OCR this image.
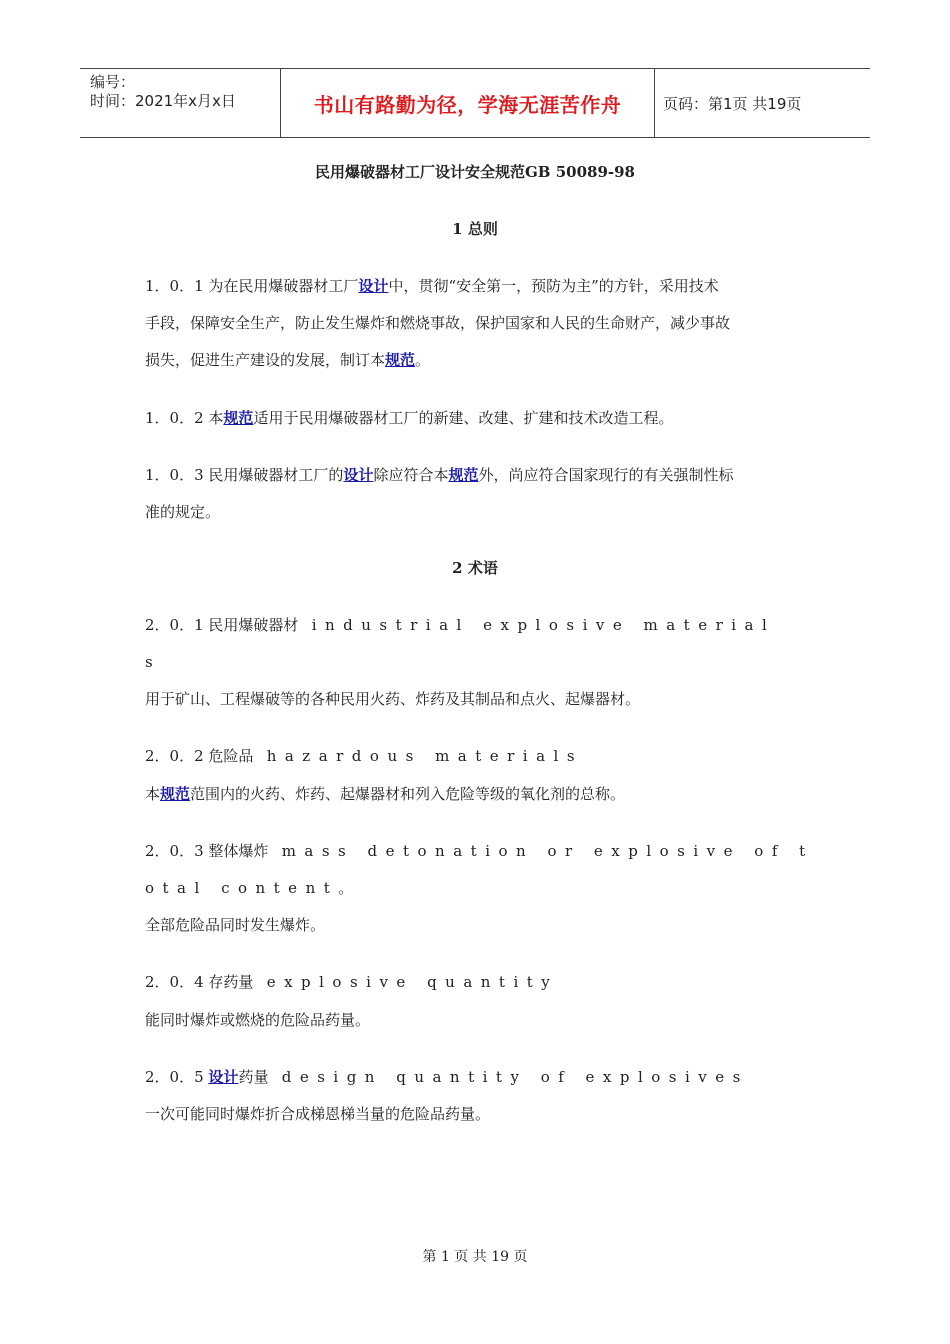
编号：
时间：2021年x月x日	书山有路勤为径，学海无涯苦作舟	页码：第1页 共19页
民用爆破器材工厂设计安全规范GB 50089-98
1 总则
1．0．1 为在民用爆破器材工厂设计中，贯彻“安全第一，预防为主”的方针，采用技术
手段，保障安全生产，防止发生爆炸和燃烧事故，保护国家和人民的生命财产，减少事故
损失，促进生产建设的发展，制订本规范。
1．0．2 本规范适用于民用爆破器材工厂的新建、改建、扩建和技术改造工程。
1．0．3 民用爆破器材工厂的设计除应符合本规范外，尚应符合国家现行的有关强制性标
准的规定。
2 术语
2．0．1 民用爆破器材 industrial explosive material
s
用于矿山、工程爆破等的各种民用火药、炸药及其制品和点火、起爆器材。
2．0．2 危险品 hazardous materials
本规范范围内的火药、炸药、起爆器材和列入危险等级的氧化剂的总称。
2．0．3 整体爆炸 mass detonation or explosive of t
otal content。
全部危险品同时发生爆炸。
2．0．4 存药量 explosive quantity
能同时爆炸或燃烧的危险品药量。
2．0．5 设计药量 design quantity of explosives
一次可能同时爆炸折合成梯恩梯当量的危险品药量。
第 1 页 共 19 页
